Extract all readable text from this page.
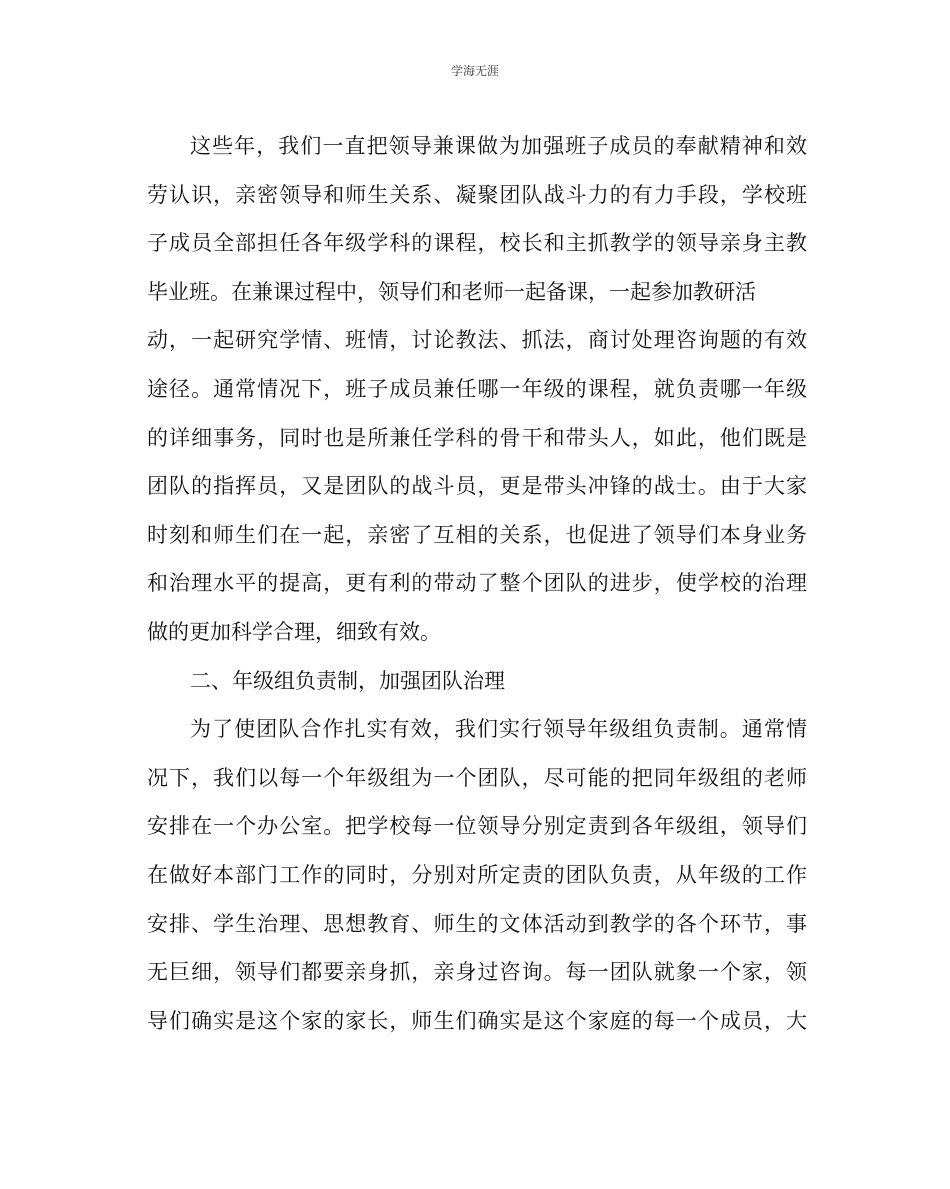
学海无涯
这些年，我们一直把领导兼课做为加强班子成员的奉献精神和效
劳认识，亲密领导和师生关系、凝聚团队战斗力的有力手段，学校班
子成员全部担任各年级学科的课程，校长和主抓教学的领导亲身主教
毕业班。在兼课过程中，领导们和老师一起备课，一起参加教研活
动，一起研究学情、班情，讨论教法、抓法，商讨处理咨询题的有效
途径。通常情况下，班子成员兼任哪一年级的课程，就负责哪一年级
的详细事务，同时也是所兼任学科的骨干和带头人，如此，他们既是
团队的指挥员，又是团队的战斗员，更是带头冲锋的战士。由于大家
时刻和师生们在一起，亲密了互相的关系，也促进了领导们本身业务
和治理水平的提高，更有利的带动了整个团队的进步，使学校的治理
做的更加科学合理，细致有效。
二、年级组负责制，加强团队治理
为了使团队合作扎实有效，我们实行领导年级组负责制。通常情
况下，我们以每一个年级组为一个团队，尽可能的把同年级组的老师
安排在一个办公室。把学校每一位领导分别定责到各年级组，领导们
在做好本部门工作的同时，分别对所定责的团队负责，从年级的工作
安排、学生治理、思想教育、师生的文体活动到教学的各个环节，事
无巨细，领导们都要亲身抓，亲身过咨询。每一团队就象一个家，领
导们确实是这个家的家长，师生们确实是这个家庭的每一个成员，大
